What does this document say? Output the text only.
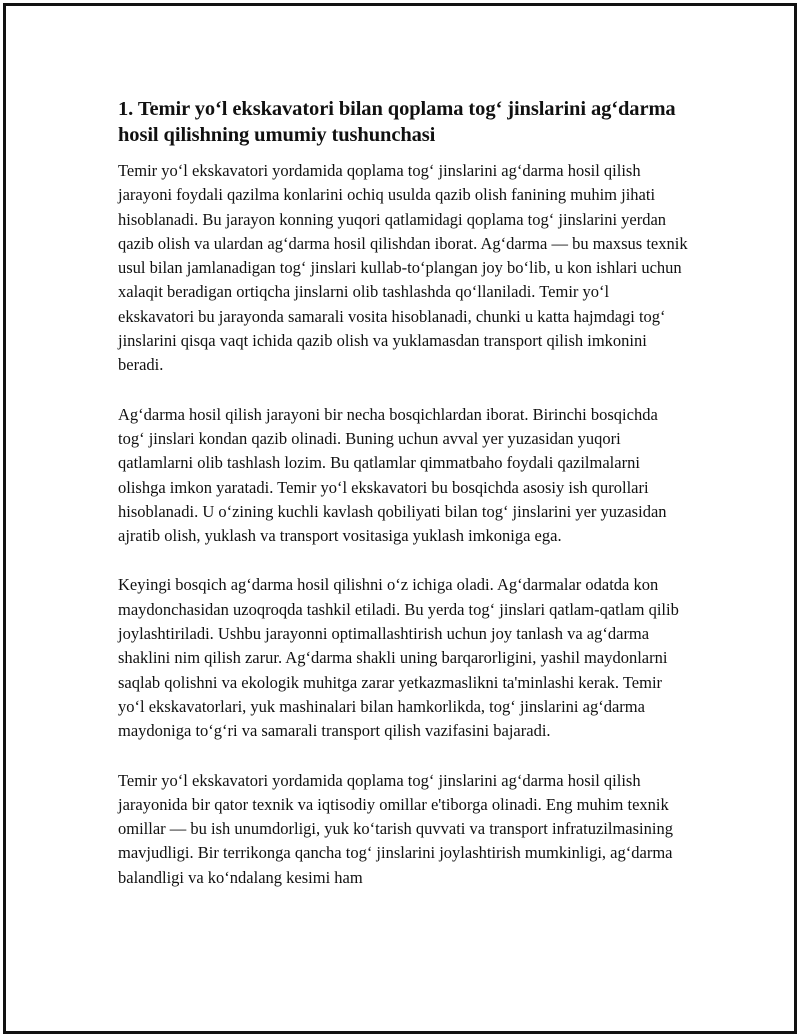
1. Temir yo‘l ekskavatori bilan qoplama tog‘ jinslarini ag‘darma hosil qilishning umumiy tushunchasi

Temir yo‘l ekskavatori yordamida qoplama tog‘ jinslarini ag‘darma hosil qilish jarayoni foydali qazilma konlarini ochiq usulda qazib olish fanining muhim jihati hisoblanadi. Bu jarayon konning yuqori qatlamidagi qoplama tog‘ jinslarini yerdan qazib olish va ulardan ag‘darma hosil qilishdan iborat. Ag‘darma — bu maxsus texnik usul bilan jamlanadigan tog‘ jinslari kullab-to‘plangan joy bo‘lib, u kon ishlari uchun xalaqit beradigan ortiqcha jinslarni olib tashlashda qo‘llaniladi. Temir yo‘l ekskavatori bu jarayonda samarali vosita hisoblanadi, chunki u katta hajmdagi tog‘ jinslarini qisqa vaqt ichida qazib olish va yuklamasdan transport qilish imkonini beradi.

Ag‘darma hosil qilish jarayoni bir necha bosqichlardan iborat. Birinchi bosqichda tog‘ jinslari kondan qazib olinadi. Buning uchun avval yer yuzasidan yuqori qatlamlarni olib tashlash lozim. Bu qatlamlar qimmatbaho foydali qazilmalarni olishga imkon yaratadi. Temir yo‘l ekskavatori bu bosqichda asosiy ish qurollari hisoblanadi. U o‘zining kuchli kavlash qobiliyati bilan tog‘ jinslarini yer yuzasidan ajratib olish, yuklash va transport vositasiga yuklash imkoniga ega.

Keyingi bosqich ag‘darma hosil qilishni o‘z ichiga oladi. Ag‘darmalar odatda kon maydonchasidan uzoqroqda tashkil etiladi. Bu yerda tog‘ jinslari qatlam-qatlam qilib joylashtiriladi. Ushbu jarayonni optimallashtirish uchun joy tanlash va ag‘darma shaklini nim qilish zarur. Ag‘darma shakli uning barqarorligini, yashil maydonlarni saqlab qolishni va ekologik muhitga zarar yetkazmaslikni ta'minlashi kerak. Temir yo‘l ekskavatorlari, yuk mashinalari bilan hamkorlikda, tog‘ jinslarini ag‘darma maydoniga to‘g‘ri va samarali transport qilish vazifasini bajaradi.

Temir yo‘l ekskavatori yordamida qoplama tog‘ jinslarini ag‘darma hosil qilish jarayonida bir qator texnik va iqtisodiy omillar e'tiborga olinadi. Eng muhim texnik omillar — bu ish unumdorligi, yuk ko‘tarish quvvati va transport infratuzilmasining mavjudligi. Bir terrikonga qancha tog‘ jinslarini joylashtirish mumkinligi, ag‘darma balandligi va ko‘ndalang kesimi ham
